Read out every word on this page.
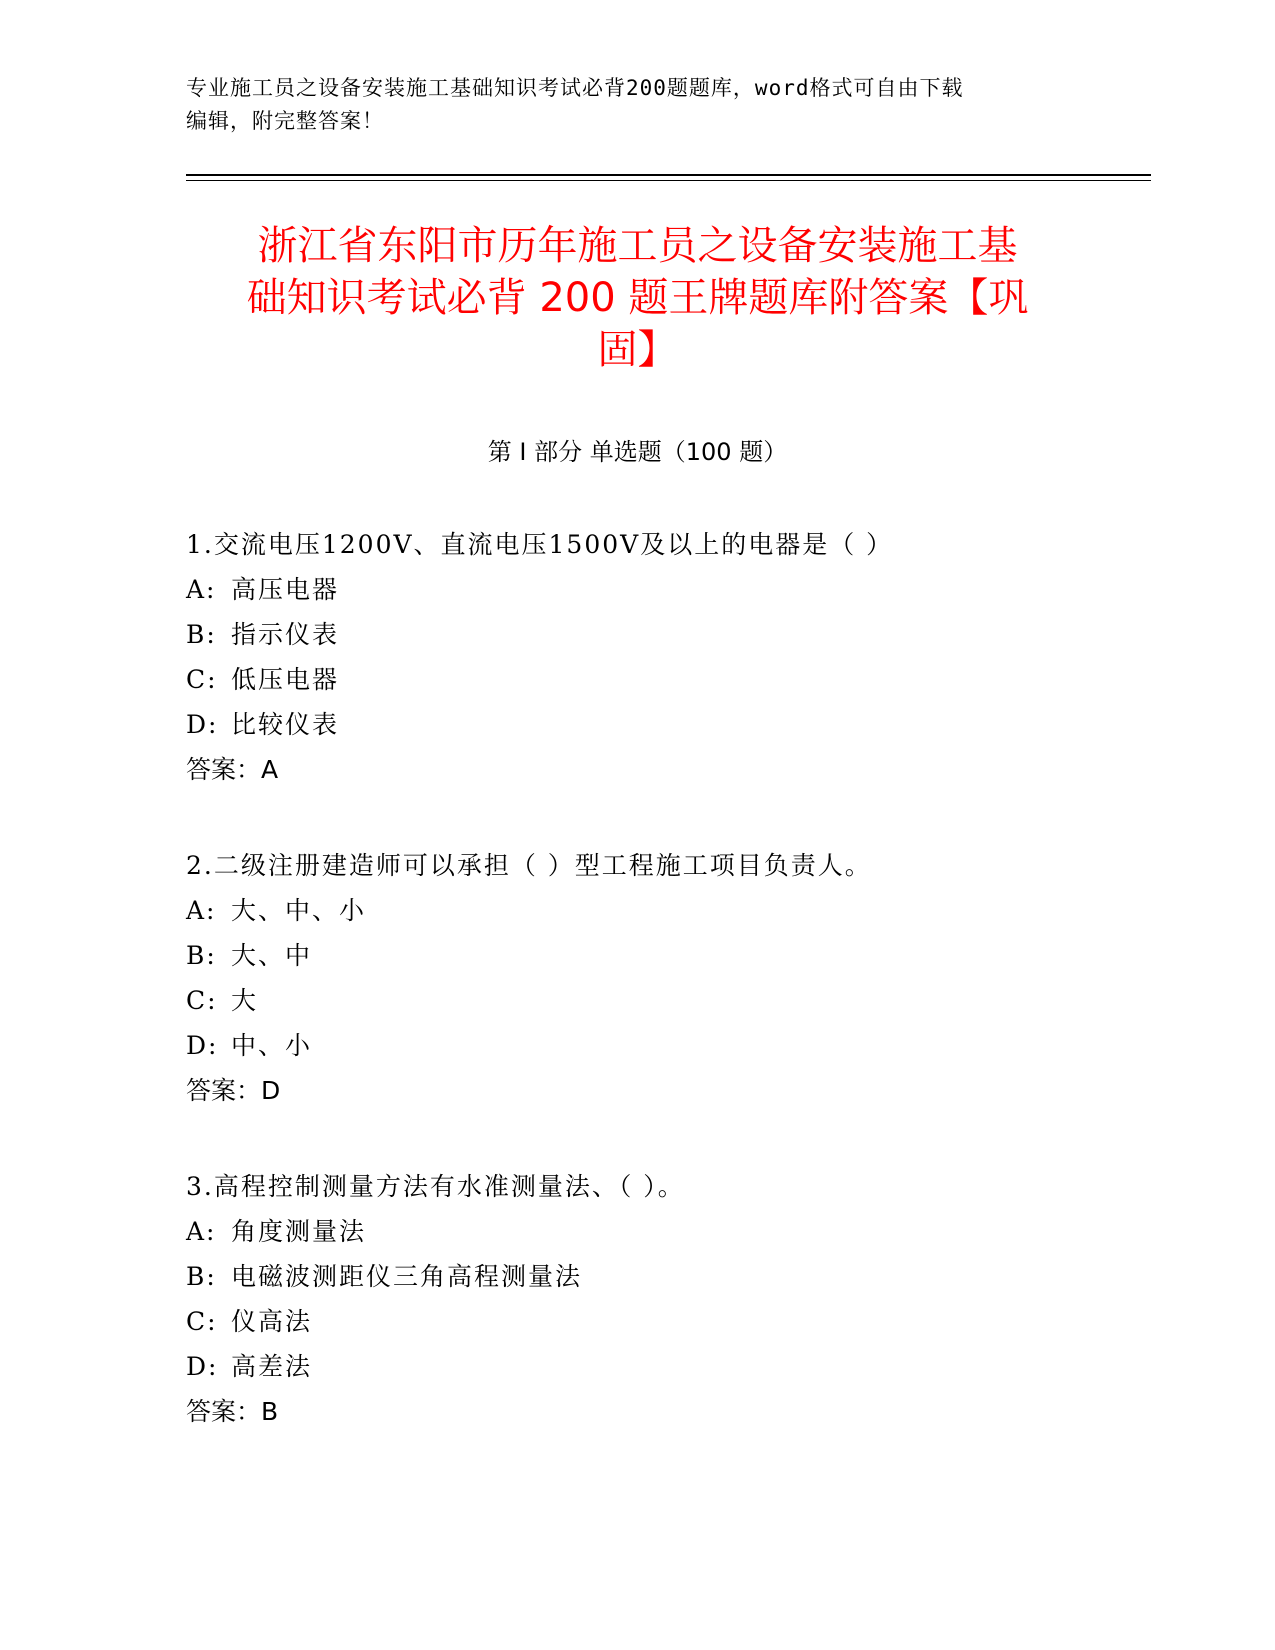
专业施工员之设备安装施工基础知识考试必背200题题库，word格式可自由下载
编辑，附完整答案！
浙江省东阳市历年施工员之设备安装施工基
础知识考试必背 200 题王牌题库附答案【巩
固】
第 I 部分 单选题（100 题）
1.交流电压1200V、直流电压1500V及以上的电器是（ ）
A: 高压电器
B: 指示仪表
C: 低压电器
D: 比较仪表
答案：A
2.二级注册建造师可以承担（ ）型工程施工项目负责人。
A: 大、中、小
B: 大、中
C: 大
D: 中、小
答案：D
3.高程控制测量方法有水准测量法、（ ）。
A: 角度测量法
B: 电磁波测距仪三角高程测量法
C: 仪高法
D: 高差法
答案：B
